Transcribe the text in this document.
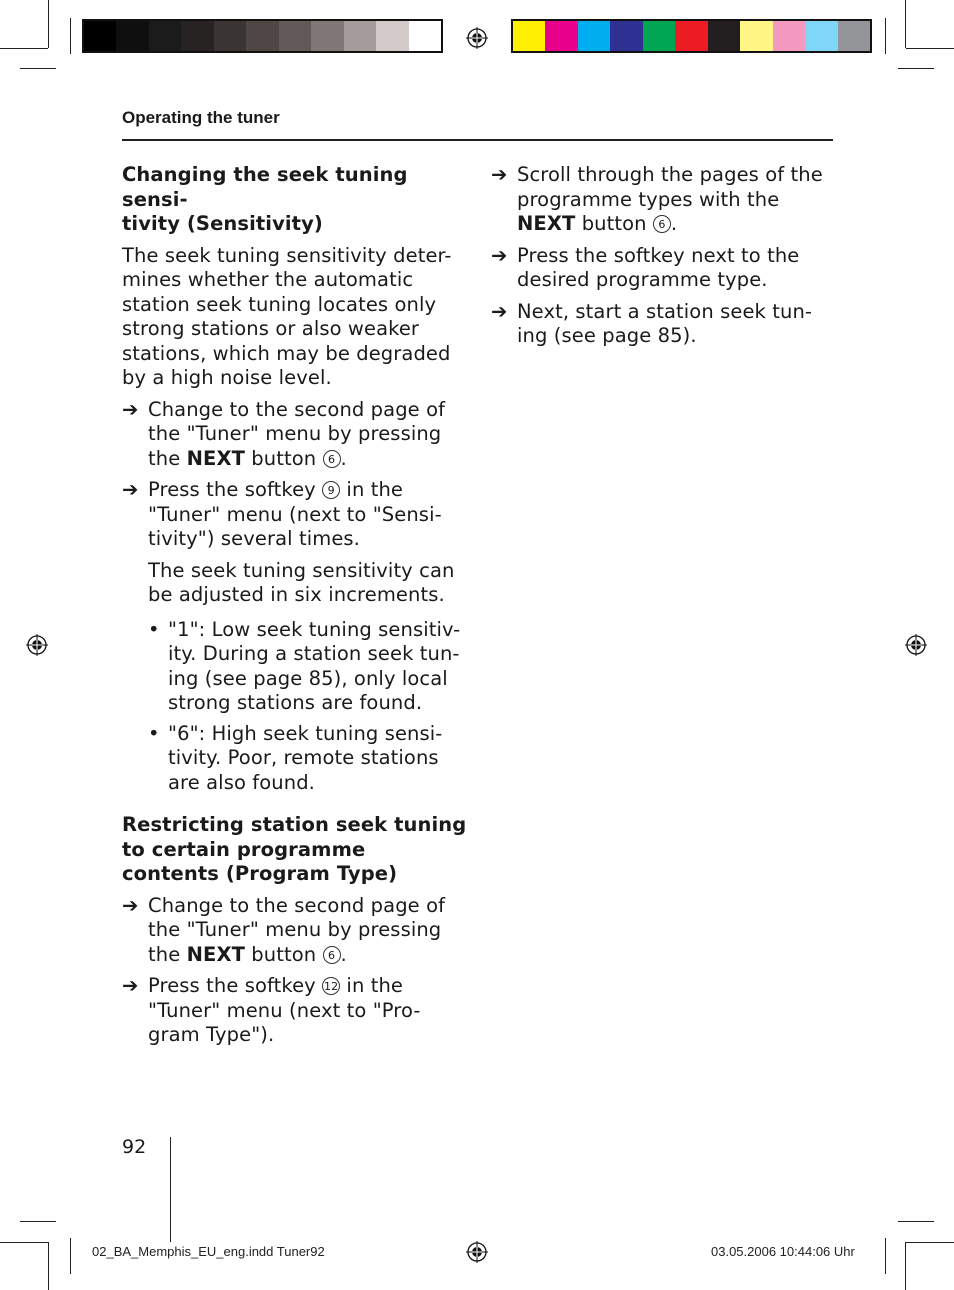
Operating the tuner
Changing the seek tuning sensi-
tivity (Sensitivity)
The seek tuning sensitivity deter-mines whether the automatic station seek tuning locates only strong stations or also weaker stations, which may be degraded by a high noise level.
➔ Change to the second page of the "Tuner" menu by pressing the NEXT button 6 .
➔ Press the softkey 9 in the "Tuner" menu (next to "Sensi-tivity") several times.
The seek tuning sensitivity can be adjusted in six increments.
• "1": Low seek tuning sensitiv-ity. During a station seek tun-ing (see page 85), only local strong stations are found.
• "6": High seek tuning sensi-tivity. Poor, remote stations are also found.
Restricting station seek tuning to certain programme contents (Program Type)
➔ Change to the second page of the "Tuner" menu by pressing the NEXT button 6 .
➔ Press the softkey 12 in the "Tuner" menu (next to "Pro-gram Type").
➔ Scroll through the pages of the programme types with the NEXT button 6 .
➔ Press the softkey next to the desired programme type.
➔ Next, start a station seek tun-ing (see page 85).
92
02_BA_Memphis_EU_eng.indd Tuner92	03.05.2006 10:44:06 Uhr
